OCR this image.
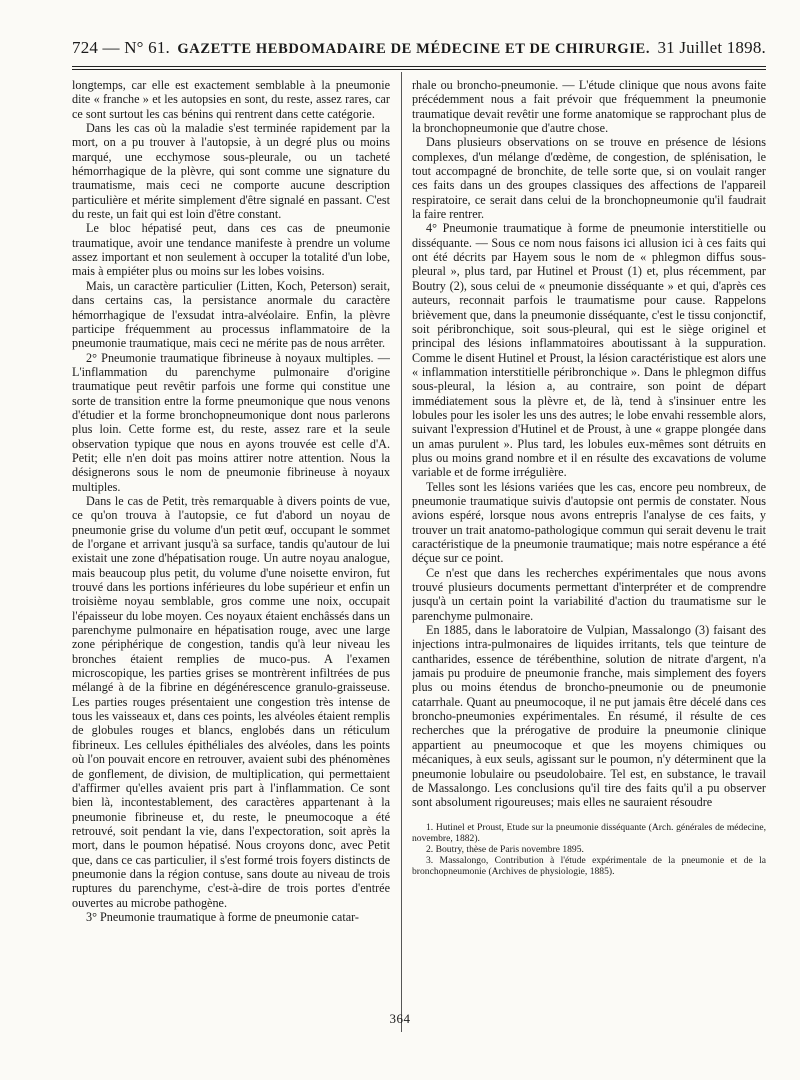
724 — N° 61. GAZETTE HEBDOMADAIRE DE MÉDECINE ET DE CHIRURGIE. 31 Juillet 1898.

longtemps, car elle est exactement semblable à la pneumonie dite « franche » et les autopsies en sont, du reste, assez rares, car ce sont surtout les cas bénins qui rentrent dans cette catégorie.

Dans les cas où la maladie s'est terminée rapidement par la mort, on a pu trouver à l'autopsie, à un degré plus ou moins marqué, une ecchymose sous-pleurale, ou un tacheté hémorrhagique de la plèvre, qui sont comme une signature du traumatisme, mais ceci ne comporte aucune description particulière et mérite simplement d'être signalé en passant. C'est du reste, un fait qui est loin d'être constant.

Le bloc hépatisé peut, dans ces cas de pneumonie traumatique, avoir une tendance manifeste à prendre un volume assez important et non seulement à occuper la totalité d'un lobe, mais à empiéter plus ou moins sur les lobes voisins.

Mais, un caractère particulier (Litten, Koch, Peterson) serait, dans certains cas, la persistance anormale du caractère hémorrhagique de l'exsudat intra-alvéolaire. Enfin, la plèvre participe fréquemment au processus inflammatoire de la pneumonie traumatique, mais ceci ne mérite pas de nous arrêter.

2° Pneumonie traumatique fibrineuse à noyaux multiples. — L'inflammation du parenchyme pulmonaire d'origine traumatique peut revêtir parfois une forme qui constitue une sorte de transition entre la forme pneumonique que nous venons d'étudier et la forme bronchopneumonique dont nous parlerons plus loin. Cette forme est, du reste, assez rare et la seule observation typique que nous en ayons trouvée est celle d'A. Petit; elle n'en doit pas moins attirer notre attention. Nous la désignerons sous le nom de pneumonie fibrineuse à noyaux multiples.

Dans le cas de Petit, très remarquable à divers points de vue, ce qu'on trouva à l'autopsie, ce fut d'abord un noyau de pneumonie grise du volume d'un petit œuf, occupant le sommet de l'organe et arrivant jusqu'à sa surface, tandis qu'autour de lui existait une zone d'hépatisation rouge. Un autre noyau analogue, mais beaucoup plus petit, du volume d'une noisette environ, fut trouvé dans les portions inférieures du lobe supérieur et enfin un troisième noyau semblable, gros comme une noix, occupait l'épaisseur du lobe moyen. Ces noyaux étaient enchâssés dans un parenchyme pulmonaire en hépatisation rouge, avec une large zone périphérique de congestion, tandis qu'à leur niveau les bronches étaient remplies de muco-pus. A l'examen microscopique, les parties grises se montrèrent infiltrées de pus mélangé à de la fibrine en dégénérescence granulo-graisseuse. Les parties rouges présentaient une congestion très intense de tous les vaisseaux et, dans ces points, les alvéoles étaient remplis de globules rouges et blancs, englobés dans un réticulum fibrineux. Les cellules épithéliales des alvéoles, dans les points où l'on pouvait encore en retrouver, avaient subi des phénomènes de gonflement, de division, de multiplication, qui permettaient d'affirmer qu'elles avaient pris part à l'inflammation. Ce sont bien là, incontestablement, des caractères appartenant à la pneumonie fibrineuse et, du reste, le pneumocoque a été retrouvé, soit pendant la vie, dans l'expectoration, soit après la mort, dans le poumon hépatisé. Nous croyons donc, avec Petit que, dans ce cas particulier, il s'est formé trois foyers distincts de pneumonie dans la région contuse, sans doute au niveau de trois ruptures du parenchyme, c'est-à-dire de trois portes d'entrée ouvertes au microbe pathogène.

3° Pneumonie traumatique à forme de pneumonie catar-

rhale ou broncho-pneumonie. — L'étude clinique que nous avons faite précédemment nous a fait prévoir que fréquemment la pneumonie traumatique devait revêtir une forme anatomique se rapprochant plus de la bronchopneumonie que d'autre chose.

Dans plusieurs observations on se trouve en présence de lésions complexes, d'un mélange d'œdème, de congestion, de splénisation, le tout accompagné de bronchite, de telle sorte que, si on voulait ranger ces faits dans un des groupes classiques des affections de l'appareil respiratoire, ce serait dans celui de la bronchopneumonie qu'il faudrait la faire rentrer.

4° Pneumonie traumatique à forme de pneumonie interstitielle ou disséquante. — Sous ce nom nous faisons ici allusion ici à ces faits qui ont été décrits par Hayem sous le nom de « phlegmon diffus sous-pleural », plus tard, par Hutinel et Proust (1) et, plus récemment, par Boutry (2), sous celui de « pneumonie disséquante » et qui, d'après ces auteurs, reconnait parfois le traumatisme pour cause. Rappelons brièvement que, dans la pneumonie disséquante, c'est le tissu conjonctif, soit péribronchique, soit sous-pleural, qui est le siège originel et principal des lésions inflammatoires aboutissant à la suppuration. Comme le disent Hutinel et Proust, la lésion caractéristique est alors une « inflammation interstitielle péribronchique ». Dans le phlegmon diffus sous-pleural, la lésion a, au contraire, son point de départ immédiatement sous la plèvre et, de là, tend à s'insinuer entre les lobules pour les isoler les uns des autres; le lobe envahi ressemble alors, suivant l'expression d'Hutinel et de Proust, à une « grappe plongée dans un amas purulent ». Plus tard, les lobules eux-mêmes sont détruits en plus ou moins grand nombre et il en résulte des excavations de volume variable et de forme irrégulière.

Telles sont les lésions variées que les cas, encore peu nombreux, de pneumonie traumatique suivis d'autopsie ont permis de constater. Nous avions espéré, lorsque nous avons entrepris l'analyse de ces faits, y trouver un trait anatomo-pathologique commun qui serait devenu le trait caractéristique de la pneumonie traumatique; mais notre espérance a été déçue sur ce point.

Ce n'est que dans les recherches expérimentales que nous avons trouvé plusieurs documents permettant d'interpréter et de comprendre jusqu'à un certain point la variabilité d'action du traumatisme sur le parenchyme pulmonaire.

En 1885, dans le laboratoire de Vulpian, Massalongo (3) faisant des injections intra-pulmonaires de liquides irritants, tels que teinture de cantharides, essence de térébenthine, solution de nitrate d'argent, n'a jamais pu produire de pneumonie franche, mais simplement des foyers plus ou moins étendus de broncho-pneumonie ou de pneumonie catarrhale. Quant au pneumocoque, il ne put jamais être décelé dans ces broncho-pneumonies expérimentales. En résumé, il résulte de ces recherches que la prérogative de produire la pneumonie clinique appartient au pneumocoque et que les moyens chimiques ou mécaniques, à eux seuls, agissant sur le poumon, n'y déterminent que la pneumonie lobulaire ou pseudolobaire. Tel est, en substance, le travail de Massalongo. Les conclusions qu'il tire des faits qu'il a pu observer sont absolument rigoureuses; mais elles ne sauraient résoudre

1. Hutinel et Proust, Etude sur la pneumonie disséquante (Arch. générales de médecine, novembre, 1882).

2. Boutry, thèse de Paris novembre 1895.

3. Massalongo, Contribution à l'étude expérimentale de la pneumonie et de la bronchopneumonie (Archives de physiologie, 1885).

364
